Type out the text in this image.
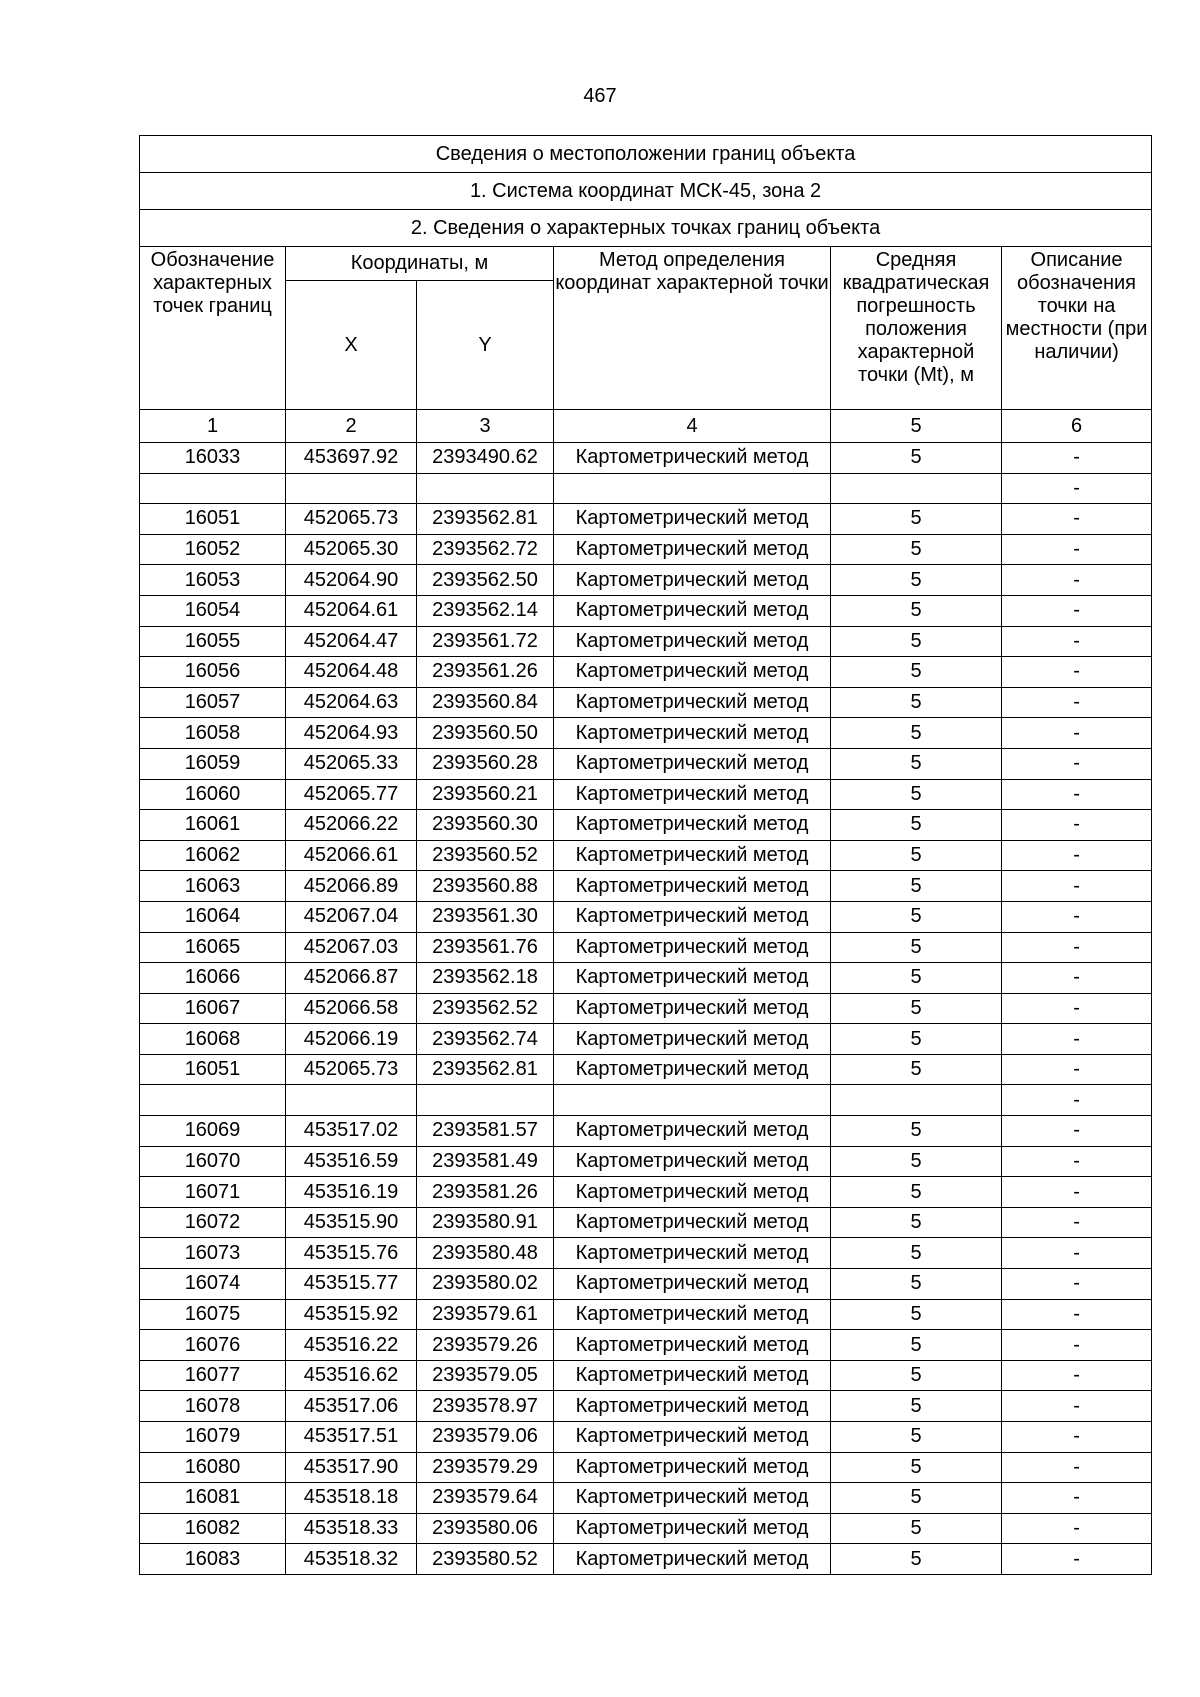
467
Сведения о местоположении границ объекта					
1. Система координат МСК-45, зона 2					
2. Сведения о характерных точках границ объекта					
Обозначение характерных точек границ	Координаты, м		Метод определения координат характерной точки	Средняя квадратическая погрешность положения характерной точки (Mt), м	Описание обозначения точки на местности (при наличии)
	X	Y			
1	2	3	4	5	6
16033	453697.92	2393490.62	Картометрический метод	5	-
					-
16051	452065.73	2393562.81	Картометрический метод	5	-
16052	452065.30	2393562.72	Картометрический метод	5	-
16053	452064.90	2393562.50	Картометрический метод	5	-
16054	452064.61	2393562.14	Картометрический метод	5	-
16055	452064.47	2393561.72	Картометрический метод	5	-
16056	452064.48	2393561.26	Картометрический метод	5	-
16057	452064.63	2393560.84	Картометрический метод	5	-
16058	452064.93	2393560.50	Картометрический метод	5	-
16059	452065.33	2393560.28	Картометрический метод	5	-
16060	452065.77	2393560.21	Картометрический метод	5	-
16061	452066.22	2393560.30	Картометрический метод	5	-
16062	452066.61	2393560.52	Картометрический метод	5	-
16063	452066.89	2393560.88	Картометрический метод	5	-
16064	452067.04	2393561.30	Картометрический метод	5	-
16065	452067.03	2393561.76	Картометрический метод	5	-
16066	452066.87	2393562.18	Картометрический метод	5	-
16067	452066.58	2393562.52	Картометрический метод	5	-
16068	452066.19	2393562.74	Картометрический метод	5	-
16051	452065.73	2393562.81	Картометрический метод	5	-
					-
16069	453517.02	2393581.57	Картометрический метод	5	-
16070	453516.59	2393581.49	Картометрический метод	5	-
16071	453516.19	2393581.26	Картометрический метод	5	-
16072	453515.90	2393580.91	Картометрический метод	5	-
16073	453515.76	2393580.48	Картометрический метод	5	-
16074	453515.77	2393580.02	Картометрический метод	5	-
16075	453515.92	2393579.61	Картометрический метод	5	-
16076	453516.22	2393579.26	Картометрический метод	5	-
16077	453516.62	2393579.05	Картометрический метод	5	-
16078	453517.06	2393578.97	Картометрический метод	5	-
16079	453517.51	2393579.06	Картометрический метод	5	-
16080	453517.90	2393579.29	Картометрический метод	5	-
16081	453518.18	2393579.64	Картометрический метод	5	-
16082	453518.33	2393580.06	Картометрический метод	5	-
16083	453518.32	2393580.52	Картометрический метод	5	-
